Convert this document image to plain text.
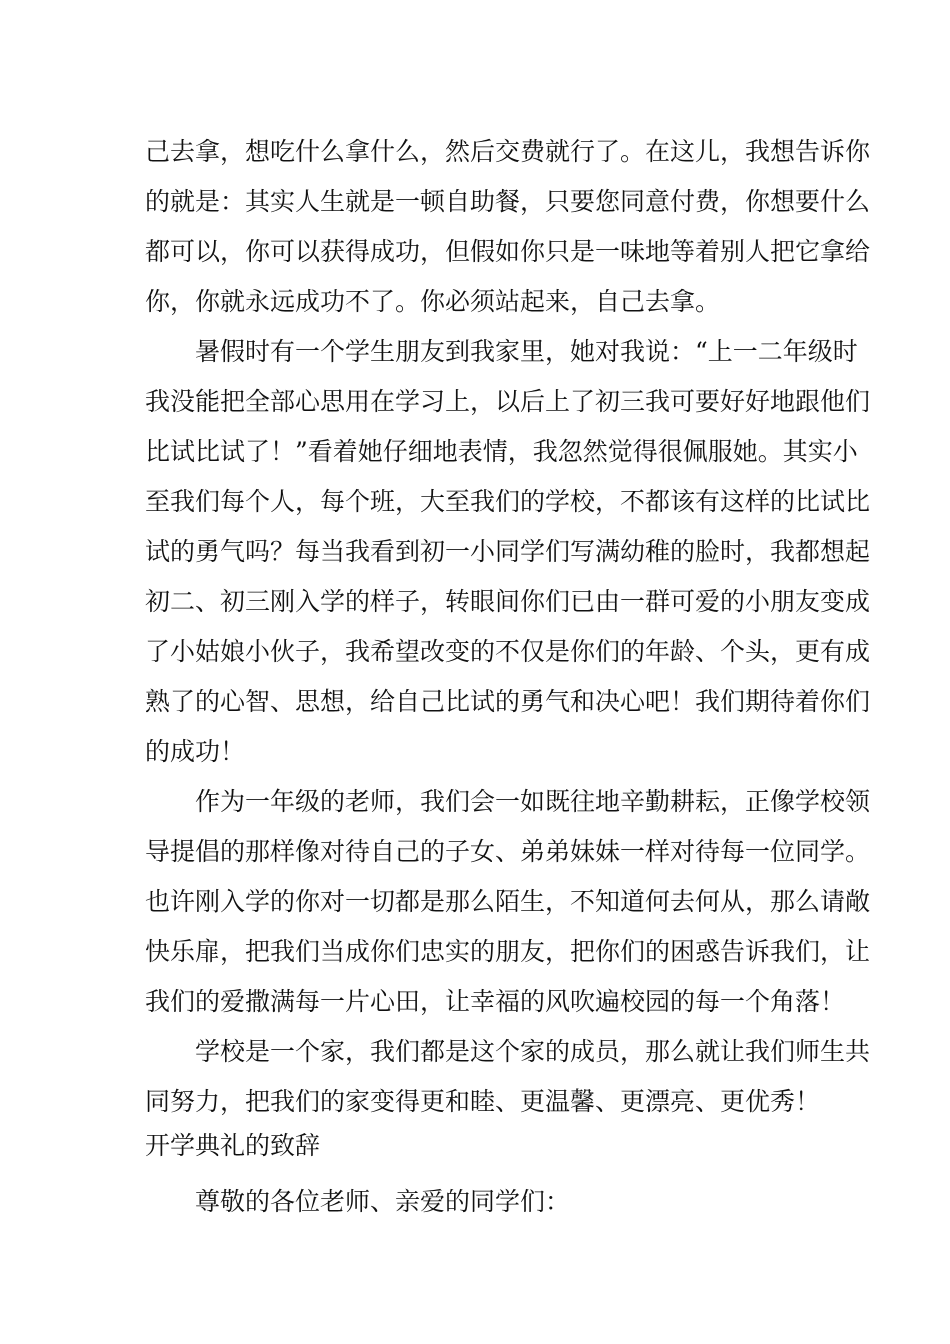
己去拿，想吃什么拿什么，然后交费就行了。在这儿，我想告诉你
的就是：其实人生就是一顿自助餐，只要您同意付费，你想要什么
都可以，你可以获得成功，但假如你只是一味地等着别人把它拿给
你，你就永远成功不了。你必须站起来，自己去拿。
　　暑假时有一个学生朋友到我家里，她对我说：“上一二年级时
我没能把全部心思用在学习上，以后上了初三我可要好好地跟他们
比试比试了！”看着她仔细地表情，我忽然觉得很佩服她。其实小
至我们每个人，每个班，大至我们的学校，不都该有这样的比试比
试的勇气吗？每当我看到初一小同学们写满幼稚的脸时，我都想起
初二、初三刚入学的样子，转眼间你们已由一群可爱的小朋友变成
了小姑娘小伙子，我希望改变的不仅是你们的年龄、个头，更有成
熟了的心智、思想，给自己比试的勇气和决心吧！我们期待着你们
的成功！
　　作为一年级的老师，我们会一如既往地辛勤耕耘，正像学校领
导提倡的那样像对待自己的子女、弟弟妹妹一样对待每一位同学。
也许刚入学的你对一切都是那么陌生，不知道何去何从，那么请敞
快乐扉，把我们当成你们忠实的朋友，把你们的困惑告诉我们，让
我们的爱撒满每一片心田，让幸福的风吹遍校园的每一个角落！
　　学校是一个家，我们都是这个家的成员，那么就让我们师生共
同努力，把我们的家变得更和睦、更温馨、更漂亮、更优秀！
开学典礼的致辞
　　尊敬的各位老师、亲爱的同学们：
